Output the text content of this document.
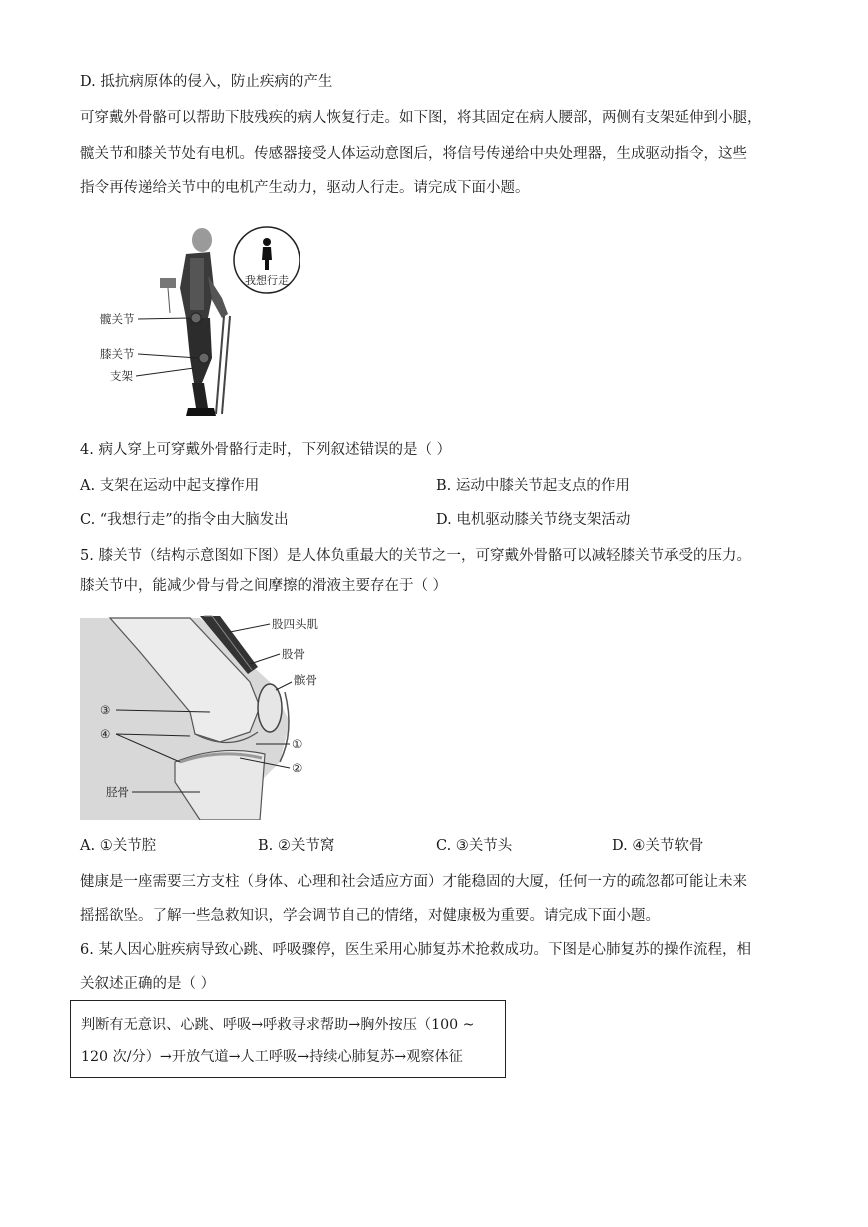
D. 抵抗病原体的侵入，防止疾病的产生
可穿戴外骨骼可以帮助下肢残疾的病人恢复行走。如下图，将其固定在病人腰部，两侧有支架延伸到小腿，
髋关节和膝关节处有电机。传感器接受人体运动意图后，将信号传递给中央处理器，生成驱动指令，这些
指令再传递给关节中的电机产生动力，驱动人行走。请完成下面小题。
我想行走
髋关节
膝关节
支架
4. 病人穿上可穿戴外骨骼行走时，下列叙述错误的是（ ）
A. 支架在运动中起支撑作用	B. 运动中膝关节起支点的作用
C. “我想行走”的指令由大脑发出	D. 电机驱动膝关节绕支架活动
5. 膝关节（结构示意图如下图）是人体负重最大的关节之一，可穿戴外骨骼可以减轻膝关节承受的压力。
膝关节中，能减少骨与骨之间摩擦的滑液主要存在于（ ）
股四头肌
股骨
髌骨
①
②
③
④
胫骨
A. ①关节腔	B. ②关节窝	C. ③关节头	D. ④关节软骨
健康是一座需要三方支柱（身体、心理和社会适应方面）才能稳固的大厦，任何一方的疏忽都可能让未来
摇摇欲坠。了解一些急救知识，学会调节自己的情绪，对健康极为重要。请完成下面小题。
6. 某人因心脏疾病导致心跳、呼吸骤停，医生采用心肺复苏术抢救成功。下图是心肺复苏的操作流程，相
关叙述正确的是（ ）
判断有无意识、心跳、呼吸→呼救寻求帮助→胸外按压（100 ~
120 次/分）→开放气道→人工呼吸→持续心肺复苏→观察体征
